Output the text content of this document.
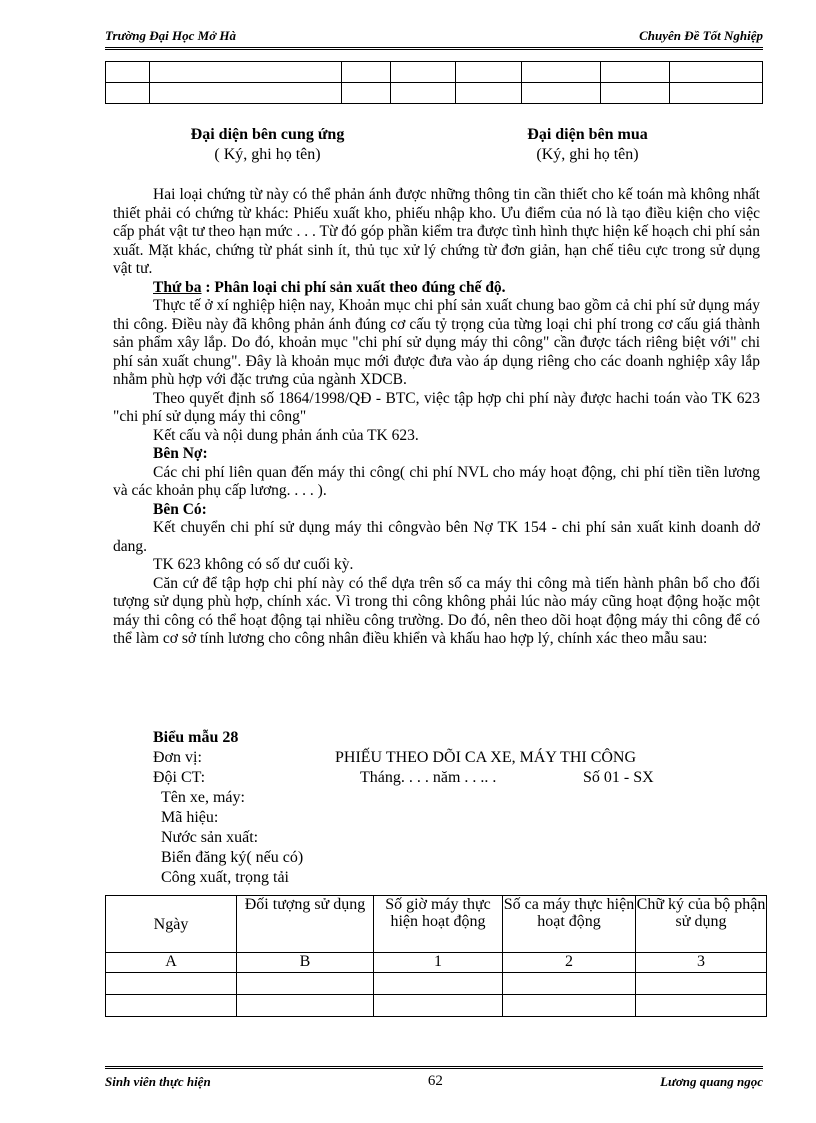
Trường Đại Học Mở Hà	Chuyên Đề Tốt Nghiệp

Đại diện bên cung ứng
( Ký, ghi họ tên)
Đại diện bên mua
(Ký, ghi họ tên)

Hai loại chứng từ này có thể phản ánh được những thông tin cần thiết cho kế toán mà không nhất thiết phải có chứng từ khác: Phiếu xuất kho, phiếu nhập kho. Ưu điểm của nó là tạo điều kiện cho việc cấp phát vật tư theo hạn mức . . . Từ đó góp phần kiểm tra được tình hình thực hiện kế hoạch chi phí sản xuất. Mặt khác, chứng từ phát sinh ít, thủ tục xử lý chứng từ đơn giản, hạn chế tiêu cực trong sử dụng vật tư.

Thứ ba : Phân loại chi phí sản xuất theo đúng chế độ.

Thực tế ở xí nghiệp hiện nay, Khoản mục chi phí sản xuất chung bao gồm cả chi phí sử dụng máy thi công. Điều này đã không phản ánh đúng cơ cấu tỷ trọng của từng loại chi phí trong cơ cấu giá thành sản phẩm xây lắp. Do đó, khoản mục "chi phí sử dụng máy thi công" cần được tách riêng biệt với" chi phí sản xuất chung". Đây là khoản mục mới được đưa vào áp dụng riêng cho các doanh nghiệp xây lắp nhằm phù hợp với đặc trưng của ngành XDCB.

Theo quyết định số 1864/1998/QĐ - BTC, việc tập hợp chi phí này được hachi toán vào TK 623 "chi phí sử dụng máy thi công"

Kết cấu và nội dung phản ánh của TK 623.

Bên Nợ:

Các chi phí liên quan đến máy thi công( chi phí NVL cho máy hoạt động, chi phí tiền tiền lương và các khoản phụ cấp lương. . . . ).

Bên Có:

Kết chuyển chi phí sử dụng máy thi côngvào bên Nợ TK 154 - chi phí sản xuất kinh doanh dở dang.

TK 623 không có số dư cuối kỳ.

Căn cứ để tập hợp chi phí này có thể dựa trên số ca máy thi công mà tiến hành phân bổ cho đối tượng sử dụng phù hợp, chính xác. Vì trong thi công không phải lúc nào máy cũng hoạt động hoặc một máy thi công có thể hoạt động tại nhiều công trường. Do đó, nên theo dõi hoạt động máy thi công để có thể làm cơ sở tính lương cho công nhân điều khiển và khấu hao hợp lý, chính xác theo mẫu sau:

Biểu mẫu 28
Đơn vị:	PHIẾU THEO DÕI CA XE, MÁY THI CÔNG
Đội CT:	Tháng. . . . năm . . .. .	Số 01 - SX
Tên xe, máy:
Mã hiệu:
Nước sản xuất:
Biển đăng ký( nếu có)
Công xuất, trọng tải
Ngày	Đối tượng sử dụng	Số giờ máy thực hiện hoạt động	Số ca máy thực hiện hoạt động	Chữ ký của bộ phận sử dụng
A	B	1	2	3

Sinh viên thực hiện	62	Lương quang ngọc
